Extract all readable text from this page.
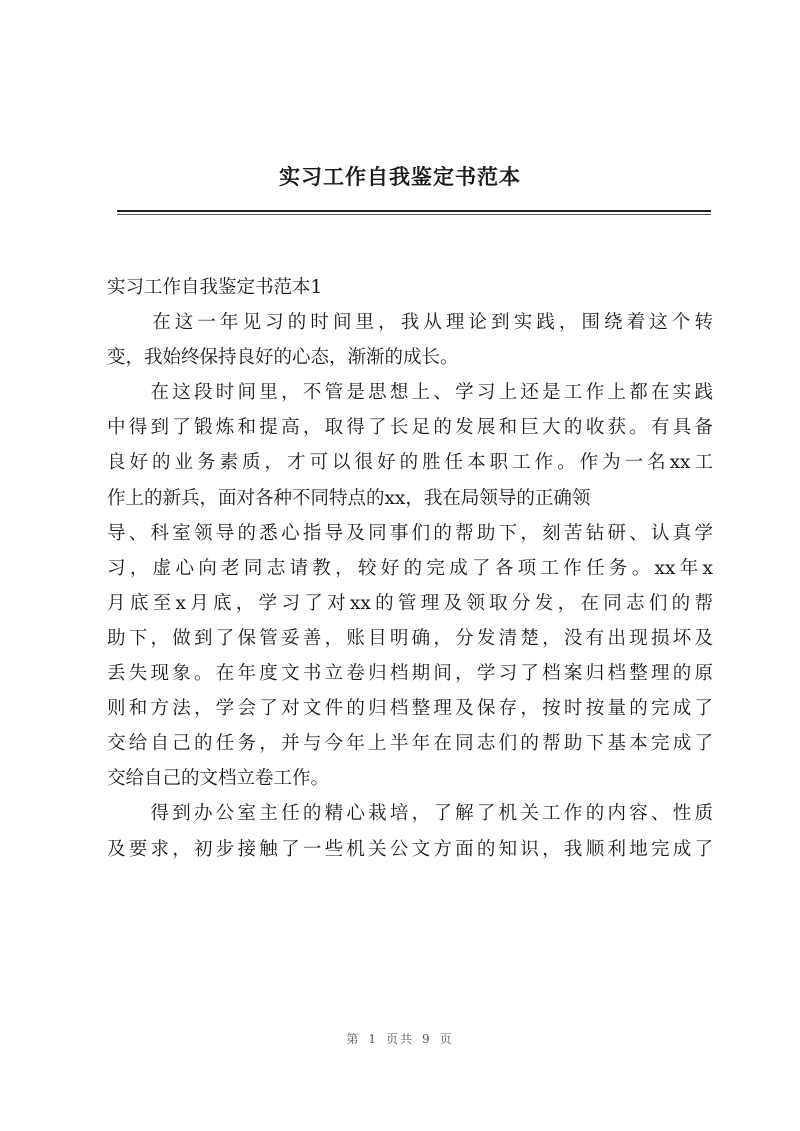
实习工作自我鉴定书范本
实习工作自我鉴定书范本1
　　在这一年见习的时间里，我从理论到实践，围绕着这个转
变，我始终保持良好的心态，渐渐的成长。
　　在这段时间里，不管是思想上、学习上还是工作上都在实践
中得到了锻炼和提高，取得了长足的发展和巨大的收获。有具备
良好的业务素质，才可以很好的胜任本职工作。作为一名xx工
作上的新兵，面对各种不同特点的xx，我在局领导的正确领
导、科室领导的悉心指导及同事们的帮助下，刻苦钻研、认真学
习，虚心向老同志请教，较好的完成了各项工作任务。xx年x
月底至x月底，学习了对xx的管理及领取分发，在同志们的帮
助下，做到了保管妥善，账目明确，分发清楚，没有出现损坏及
丢失现象。在年度文书立卷归档期间，学习了档案归档整理的原
则和方法，学会了对文件的归档整理及保存，按时按量的完成了
交给自己的任务，并与今年上半年在同志们的帮助下基本完成了
交给自己的文档立卷工作。
　　得到办公室主任的精心栽培，了解了机关工作的内容、性质
及要求，初步接触了一些机关公文方面的知识，我顺利地完成了
第 1 页共 9 页
